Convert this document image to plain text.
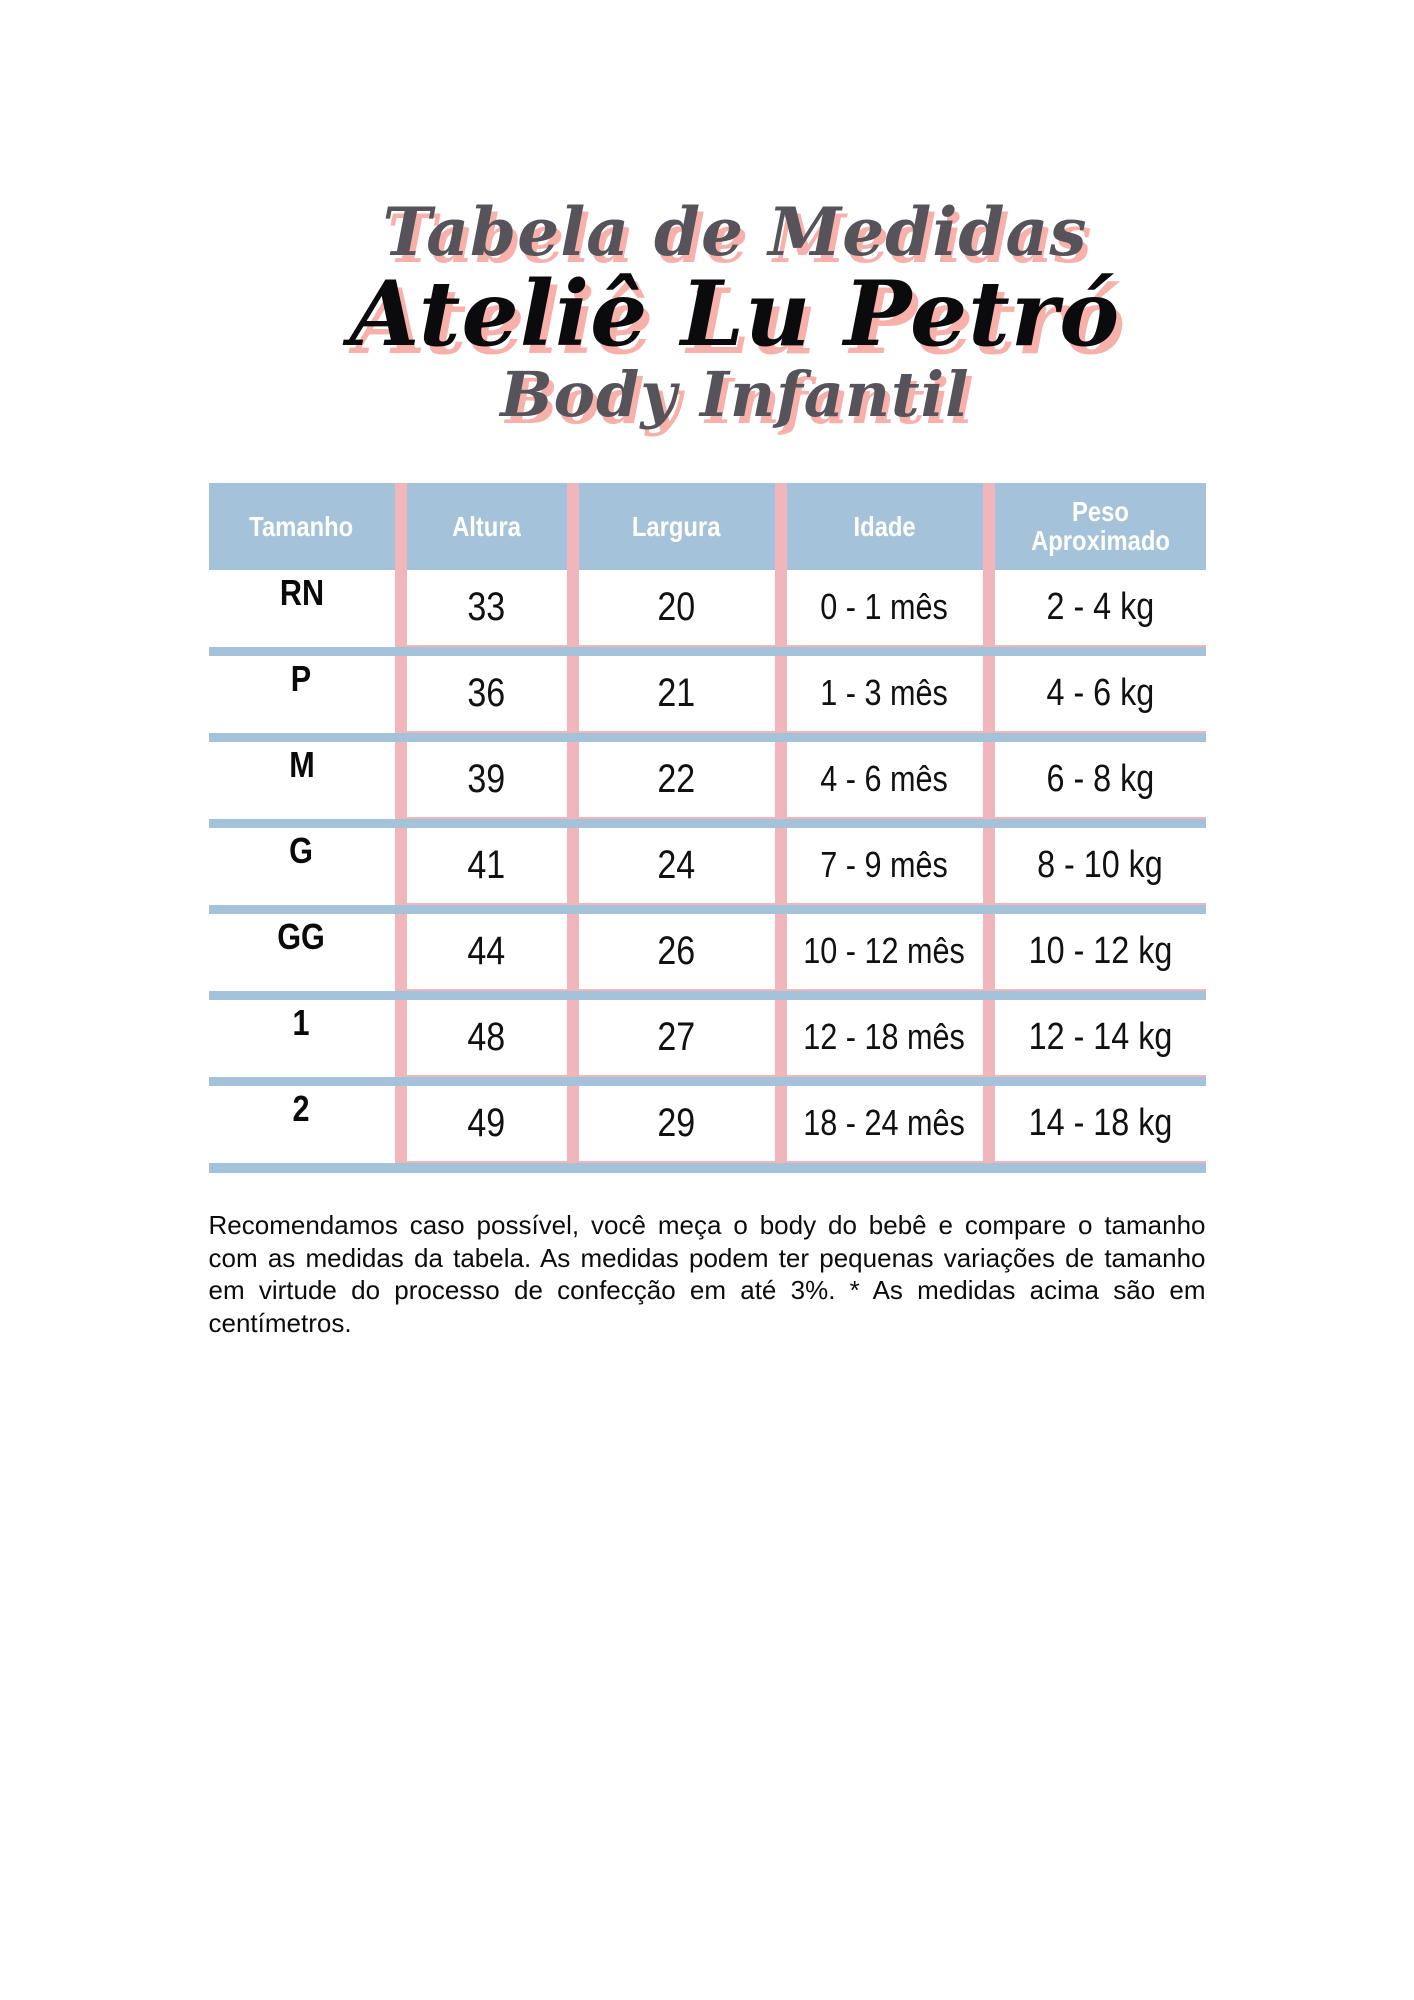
Tabela de Medidas
Ateliê Lu Petró
Body Infantil
Tamanho	Altura	Largura	Idade	Peso Aproximado
RN	33	20	0 - 1 mês	2 - 4 kg
P	36	21	1 - 3 mês	4 - 6 kg
M	39	22	4 - 6 mês	6 - 8 kg
G	41	24	7 - 9 mês 8 - 10 kg
GG	44	26	10 - 12 mês 10 - 12 kg
1	48	27	12 - 18 mês 12 - 14 kg
2	49	29	18 - 24 mês 14 - 18 kg

Recomendamos caso possível, você meça o body do bebê e compare o tamanho com as medidas da tabela. As medidas podem ter pequenas variações de tamanho em virtude do processo de confecção em até 3%. * As medidas acima são em centímetros.
